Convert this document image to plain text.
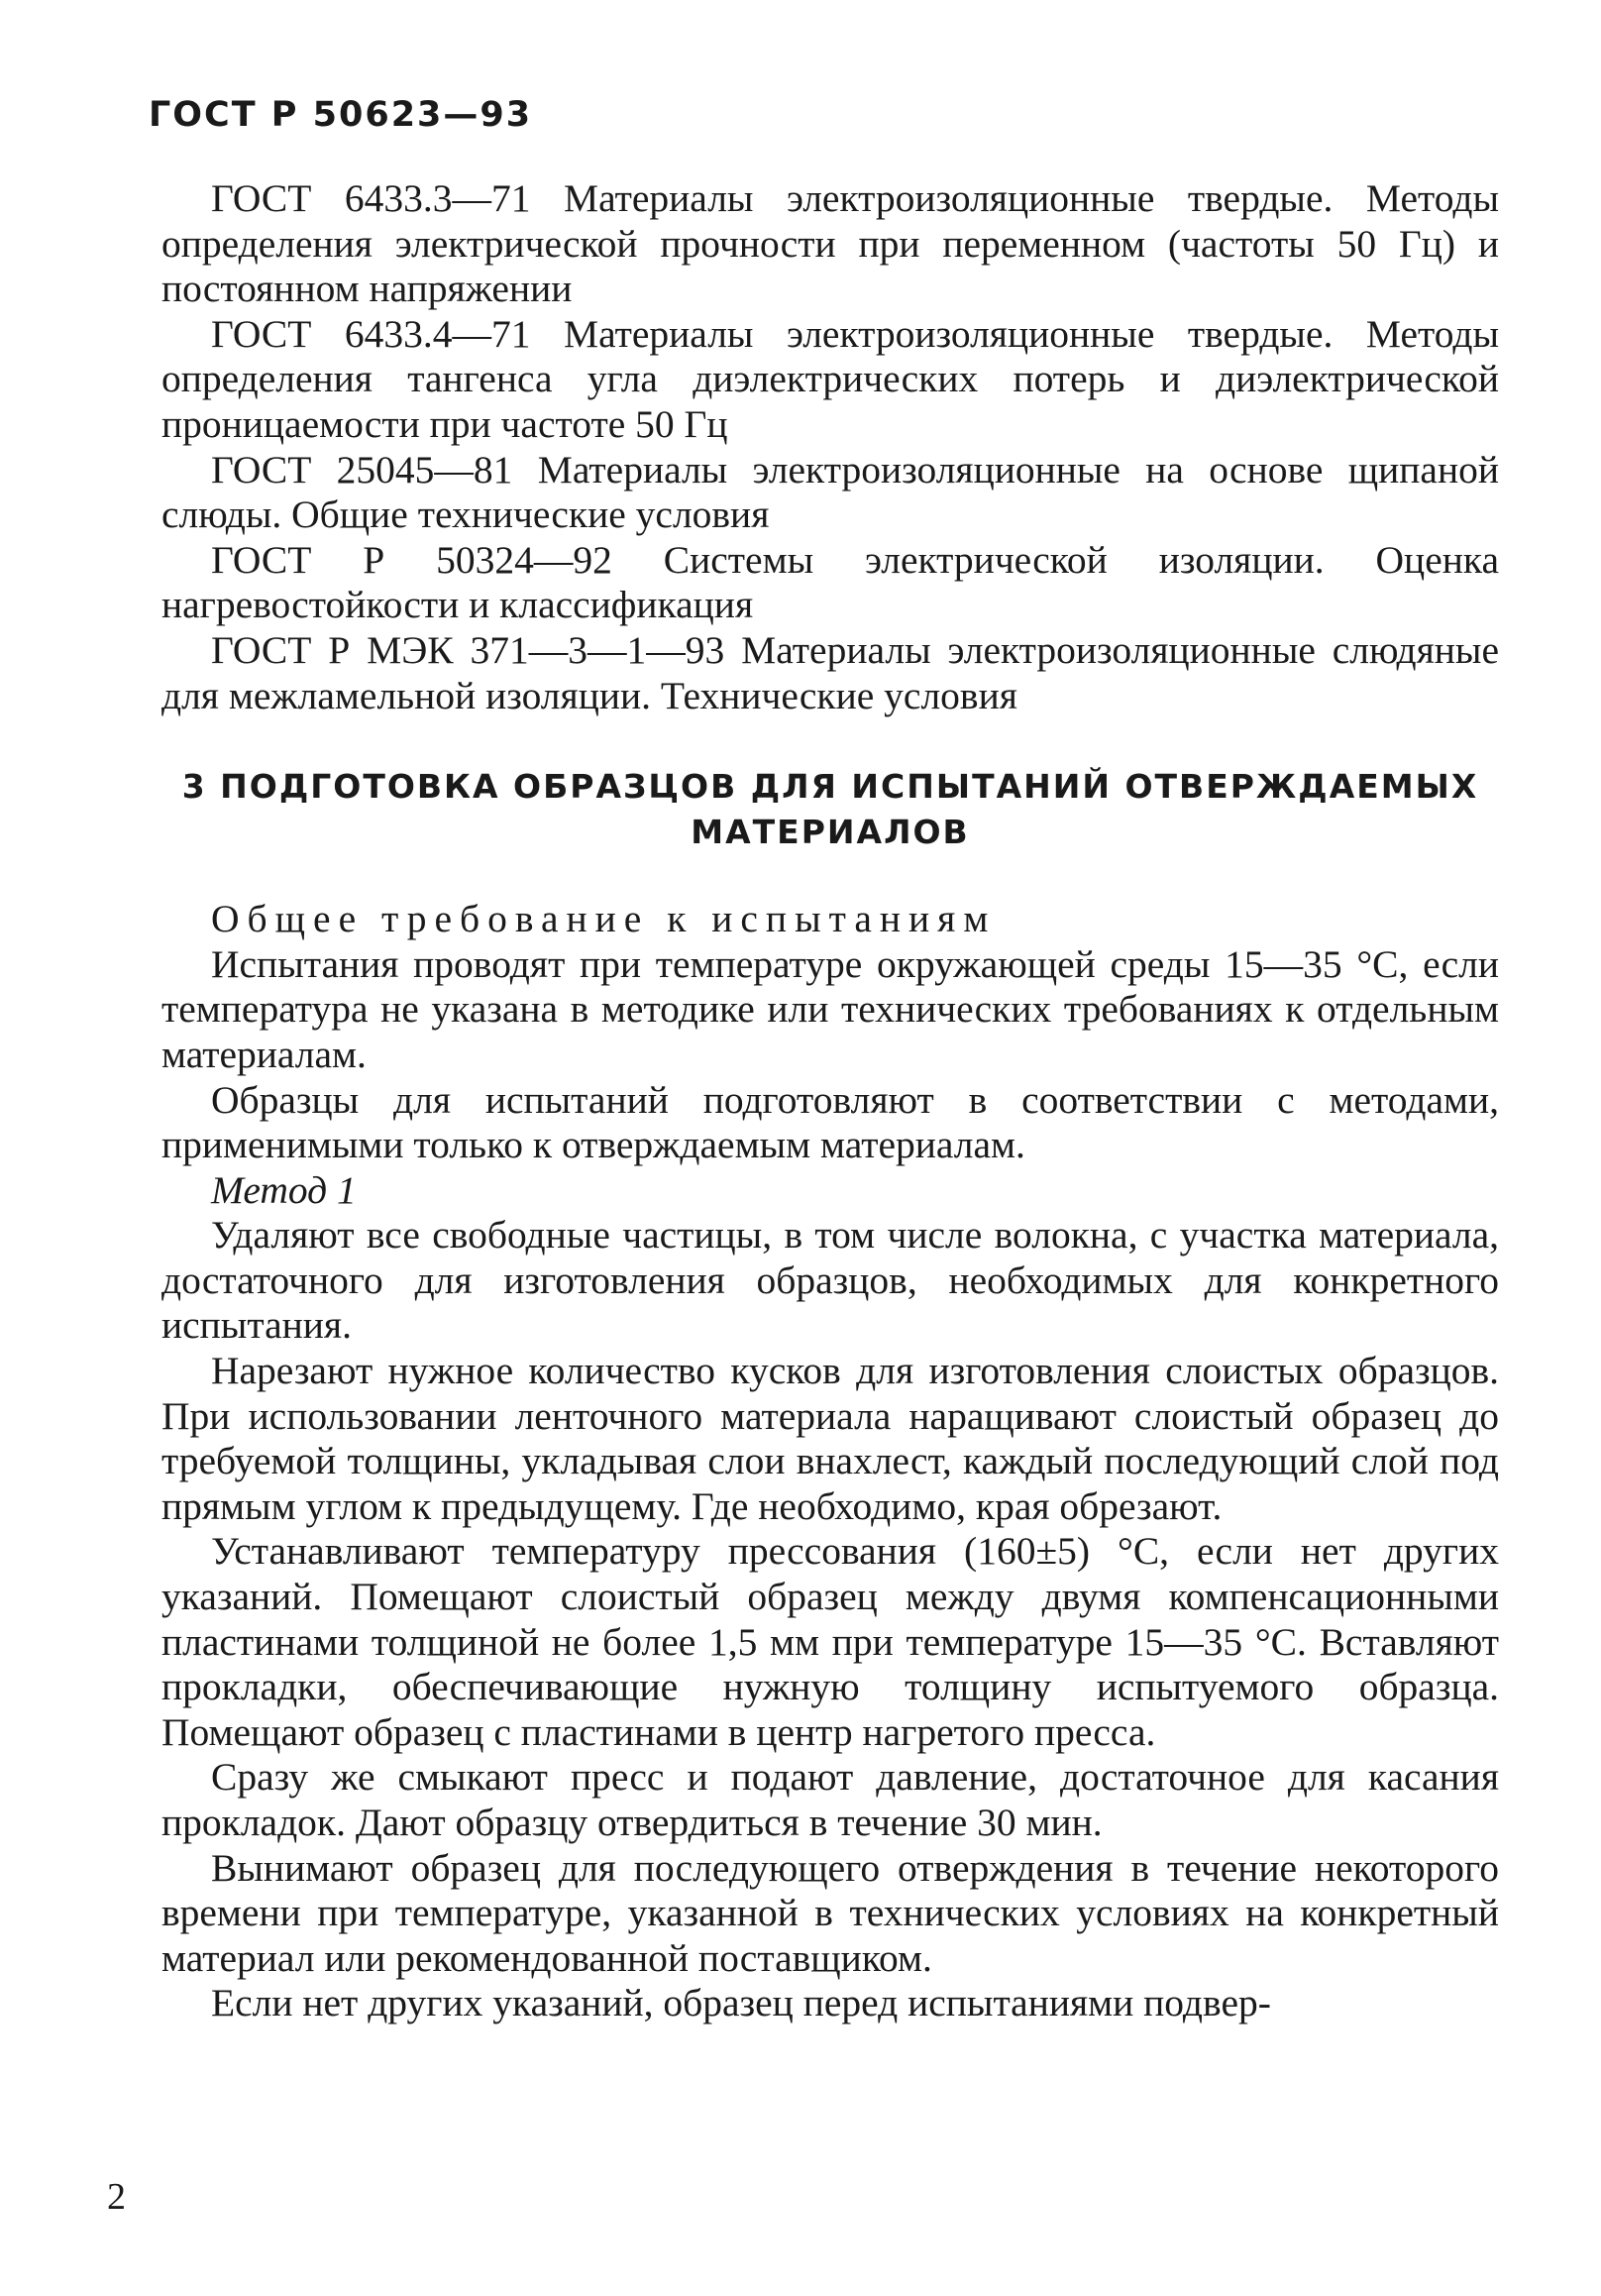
ГОСТ Р 50623—93

ГОСТ 6433.3—71 Материалы электроизоляционные твердые. Методы определения электрической прочности при переменном (частоты 50 Гц) и постоянном напряжении

ГОСТ 6433.4—71 Материалы электроизоляционные твердые. Методы определения тангенса угла диэлектрических потерь и диэлектрической проницаемости при частоте 50 Гц

ГОСТ 25045—81 Материалы электроизоляционные на основе щипаной слюды. Общие технические условия

ГОСТ Р 50324—92 Системы электрической изоляции. Оценка нагревостойкости и классификация

ГОСТ Р МЭК 371—3—1—93 Материалы электроизоляционные слюдяные для межламельной изоляции. Технические условия

3 ПОДГОТОВКА ОБРАЗЦОВ ДЛЯ ИСПЫТАНИЙ ОТВЕРЖДАЕМЫХ
МАТЕРИАЛОВ

Общее требование к испытаниям

Испытания проводят при температуре окружающей среды 15—35 °С, если температура не указана в методике или технических требованиях к отдельным материалам.

Образцы для испытаний подготовляют в соответствии с методами, применимыми только к отверждаемым материалам.

Метод 1

Удаляют все свободные частицы, в том числе волокна, с участка материала, достаточного для изготовления образцов, необходимых для конкретного испытания.

Нарезают нужное количество кусков для изготовления слоистых образцов. При использовании ленточного материала наращивают слоистый образец до требуемой толщины, укладывая слои внахлест, каждый последующий слой под прямым углом к предыдущему. Где необходимо, края обрезают.

Устанавливают температуру прессования (160±5) °С, если нет других указаний. Помещают слоистый образец между двумя компенсационными пластинами толщиной не более 1,5 мм при температуре 15—35 °С. Вставляют прокладки, обеспечивающие нужную толщину испытуемого образца. Помещают образец с пластинами в центр нагретого пресса.

Сразу же смыкают пресс и подают давление, достаточное для касания прокладок. Дают образцу отвердиться в течение 30 мин.

Вынимают образец для последующего отверждения в течение некоторого времени при температуре, указанной в технических условиях на конкретный материал или рекомендованной поставщиком.

Если нет других указаний, образец перед испытаниями подвер-

2
